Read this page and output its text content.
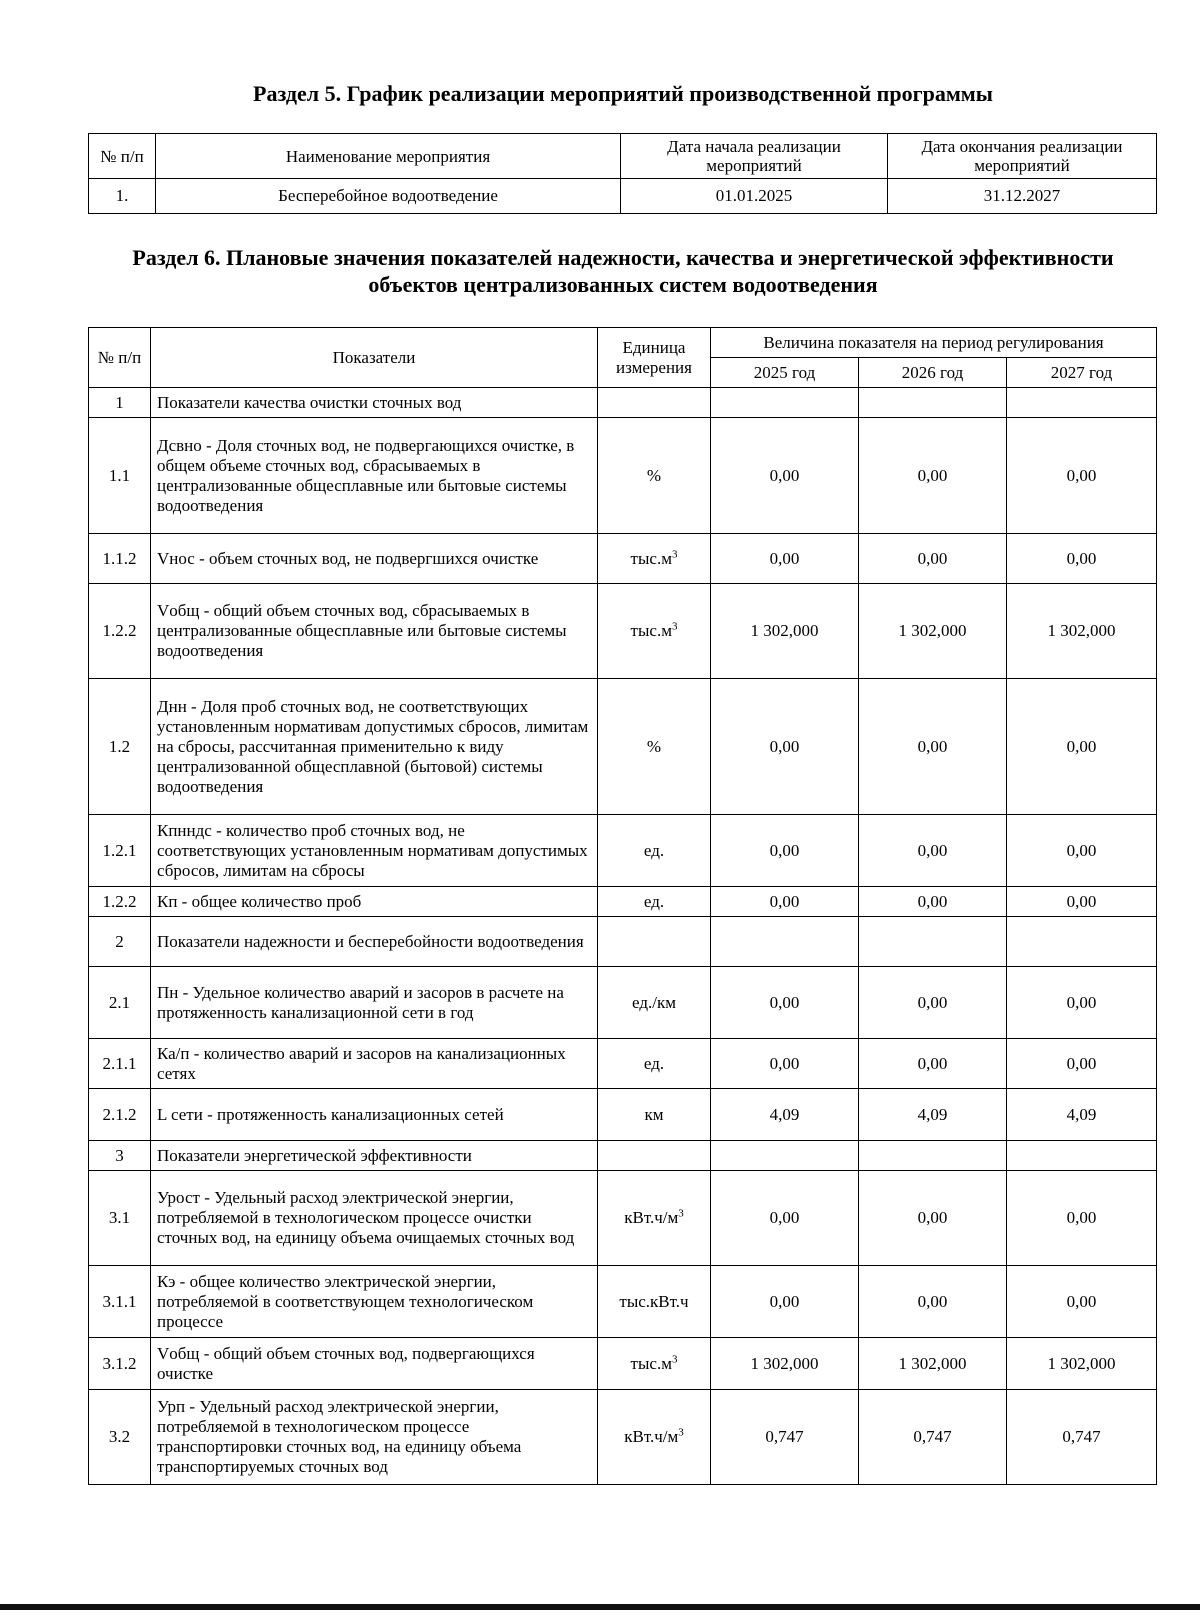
Раздел 5. График реализации мероприятий производственной программы
№ п/п	Наименование мероприятия	Дата начала реализации мероприятий	Дата окончания реализации мероприятий
1.	Бесперебойное водоотведение	01.01.2025	31.12.2027
Раздел 6. Плановые значения показателей надежности, качества и энергетической эффективности объектов централизованных систем водоотведения
№ п/п	Показатели	Единица измерения	Величина показателя на период регулирования		
			2025 год	2026 год	2027 год
1	Показатели качества очистки сточных вод				
1.1	Дсвно - Доля сточных вод, не подвергающихся очистке, в общем объеме сточных вод, сбрасываемых в централизованные общесплавные или бытовые системы водоотведения	%	0,00	0,00	0,00
1.1.2	Vнос - объем сточных вод, не подвергшихся очистке	$тыс.м^3$	0,00	0,00	0,00
1.2.2	Vобщ - общий объем сточных вод, сбрасываемых в централизованные общесплавные или бытовые системы водоотведения	$тыс.м^3$	1 302,000	1 302,000	1 302,000
1.2	Днн - Доля проб сточных вод, не соответствующих установленным нормативам допустимых сбросов, лимитам на сбросы, рассчитанная применительно к виду централизованной общесплавной (бытовой) системы водоотведения	%	0,00	0,00	0,00
1.2.1	Кпнндс - количество проб сточных вод, не соответствующих установленным нормативам допустимых сбросов, лимитам на сбросы	ед.	0,00	0,00	0,00
1.2.2	Кп - общее количество проб	ед.	0,00	0,00	0,00
2	Показатели надежности и бесперебойности водоотведения				
2.1	Пн - Удельное количество аварий и засоров в расчете на протяженность канализационной сети в год	ед./км	0,00	0,00	0,00
2.1.1	Ка/п - количество аварий и засоров на канализационных сетях	ед.	0,00	0,00	0,00
2.1.2	L сети - протяженность канализационных сетей	км	4,09	4,09	4,09
3	Показатели энергетической эффективности				
3.1	Урост - Удельный расход электрической энергии, потребляемой в технологическом процессе очистки сточных вод, на единицу объема очищаемых сточных вод	$кВт.ч/м^3$	0,00	0,00	0,00
3.1.1	Кэ - общее количество электрической энергии, потребляемой в соответствующем технологическом процессе	тыс.кВт.ч	0,00	0,00	0,00
3.1.2	Vобщ - общий объем сточных вод, подвергающихся очистке	$тыс.м^3$	1 302,000	1 302,000	1 302,000
3.2	Урп - Удельный расход электрической энергии, потребляемой в технологическом процессе транспортировки сточных вод, на единицу объема транспортируемых сточных вод	$кВт.ч/м^3$	0,747	0,747	0,747
